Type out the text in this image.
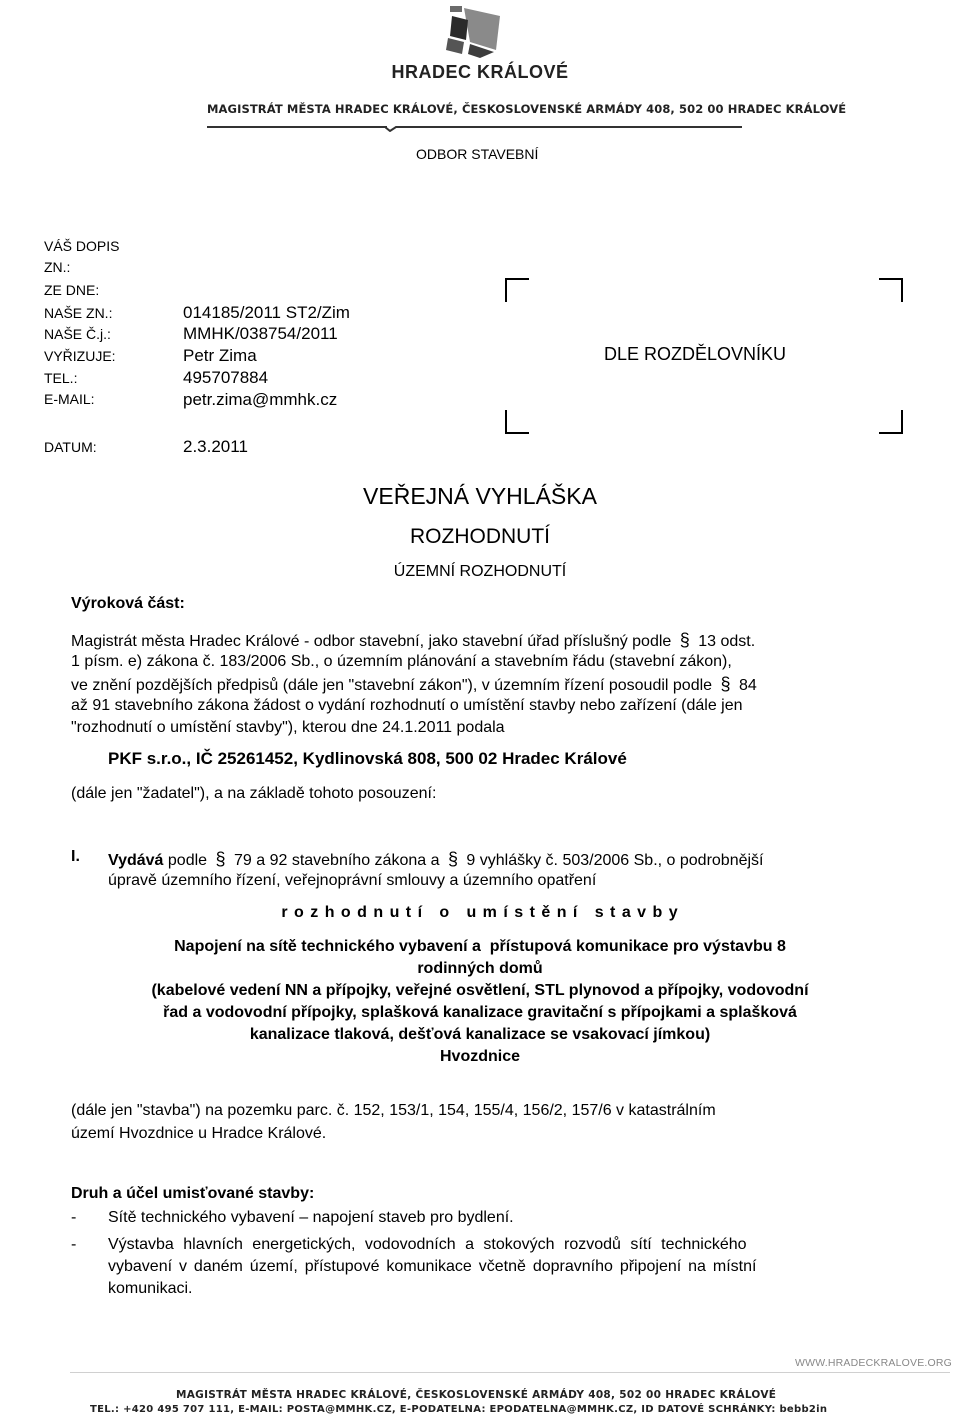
HRADEC KRÁLOVÉ
MAGISTRÁT MĚSTA HRADEC KRÁLOVÉ, ČESKOSLOVENSKÉ ARMÁDY 408, 502 00 HRADEC KRÁLOVÉ
ODBOR STAVEBNÍ
VÁŠ DOPIS
ZN.:
ZE DNE:
NAŠE ZN.:
NAŠE Č.j.:
VYŘIZUJE:
TEL.:
E-MAIL:
DATUM:
014185/2011 ST2/Zim
MMHK/038754/2011
Petr Zima
495707884
petr.zima@mmhk.cz
2.3.2011
DLE ROZDĚLOVNÍKU
VEŘEJNÁ VYHLÁŠKA
ROZHODNUTÍ
ÚZEMNÍ ROZHODNUTÍ
Výroková část:
Magistrát města Hradec Králové - odbor stavební, jako stavební úřad příslušný podle § 13 odst.
1 písm. e) zákona č. 183/2006 Sb., o územním plánování a stavebním řádu (stavební zákon),
ve znění pozdějších předpisů (dále jen "stavební zákon"), v územním řízení posoudil podle § 84
až 91 stavebního zákona žádost o vydání rozhodnutí o umístění stavby nebo zařízení (dále jen
"rozhodnutí o umístění stavby"), kterou dne 24.1.2011 podala
PKF s.r.o., IČ 25261452, Kydlinovská 808, 500 02 Hradec Králové
(dále jen "žadatel"), a na základě tohoto posouzení:
I. Vydává podle § 79 a 92 stavebního zákona a § 9 vyhlášky č. 503/2006 Sb., o podrobnější
úpravě územního řízení, veřejnoprávní smlouvy a územního opatření
r o z h o d n u t í   o   u m í s t ě n í   s t a v b y
Napojení na sítě technického vybavení a  přístupová komunikace pro výstavbu 8
rodinných domů
(kabelové vedení NN a přípojky, veřejné osvětlení, STL plynovod a přípojky, vodovodní
řad a vodovodní přípojky, splašková kanalizace gravitační s přípojkami a splašková
kanalizace tlaková, dešťová kanalizace se vsakovací jímkou)
Hvozdnice
(dále jen "stavba") na pozemku parc. č. 152, 153/1, 154, 155/4, 156/2, 157/6 v katastrálním
území Hvozdnice u Hradce Králové.
Druh a účel umisťované stavby:
- Sítě technického vybavení – napojení staveb pro bydlení.
- Výstavba hlavních energetických, vodovodních a stokových rozvodů sítí technického
vybavení v daném území, přístupové komunikace včetně dopravního připojení na místní
komunikaci.
WWW.HRADECKRALOVE.ORG
MAGISTRÁT MĚSTA HRADEC KRÁLOVÉ, ČESKOSLOVENSKÉ ARMÁDY 408, 502 00 HRADEC KRÁLOVÉ
TEL.: +420 495 707 111, E-MAIL: POSTA@MMHK.CZ, E-PODATELNA: EPODATELNA@MMHK.CZ, ID DATOVÉ SCHRÁNKY: bebb2in
